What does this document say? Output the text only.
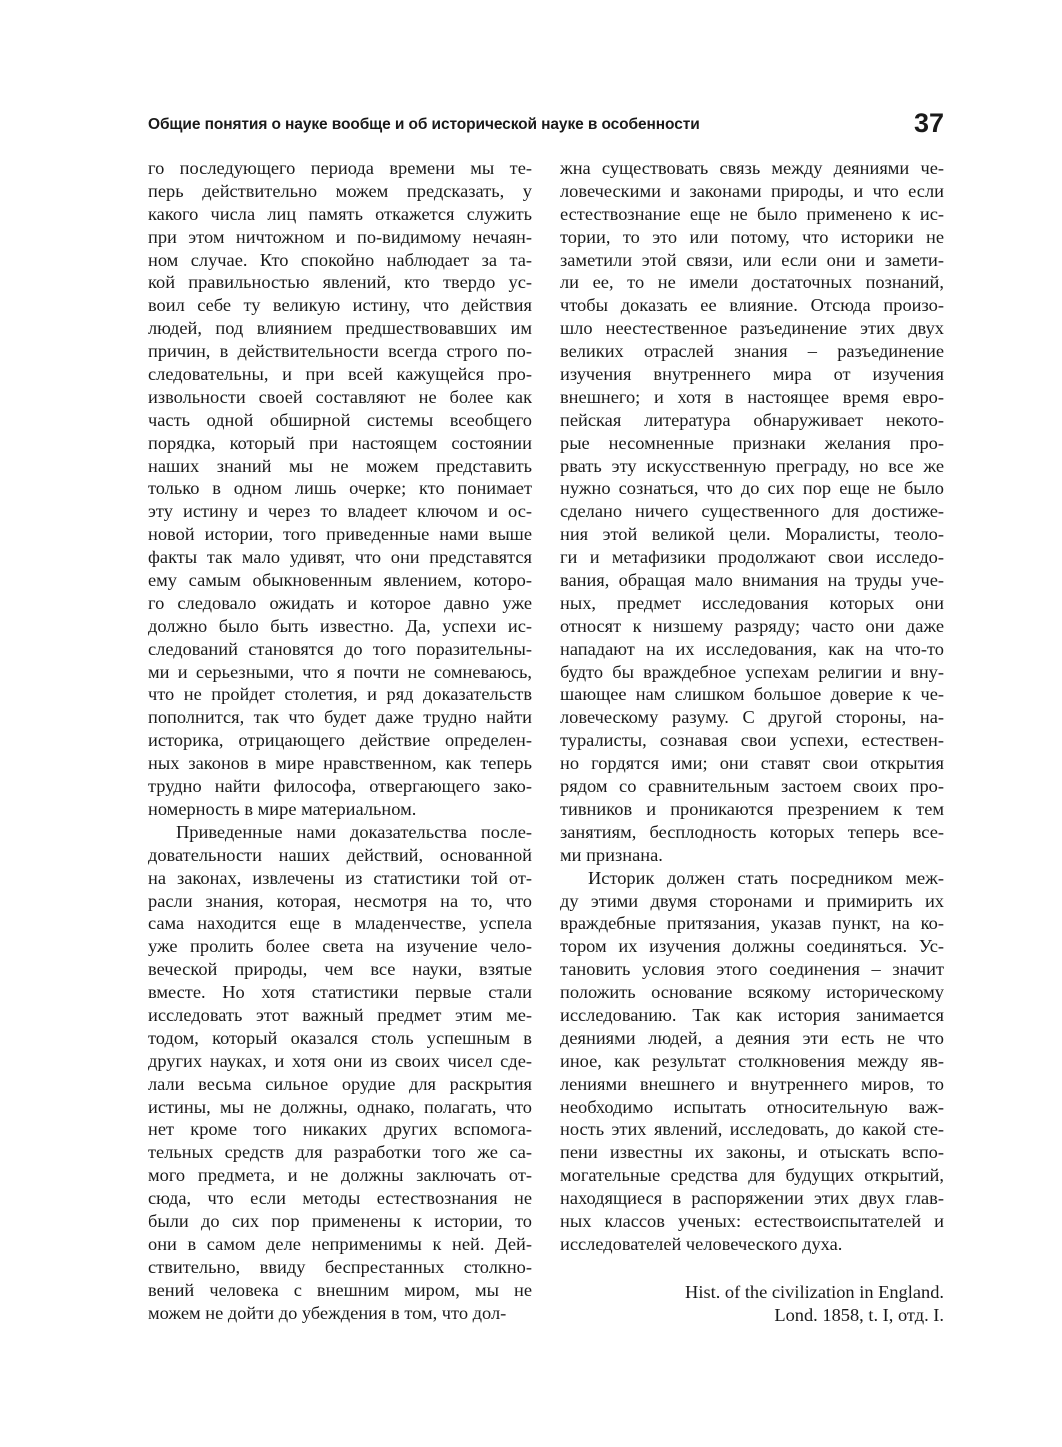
Общие понятия о науке вообще и об исторической науке в особенности	37
го последующего периода времени мы те-
перь действительно можем предсказать, у
какого числа лиц память откажется служить
при этом ничтожном и по-видимому нечаян-
ном случае. Кто спокойно наблюдает за та-
кой правильностью явлений, кто твердо ус-
воил себе ту великую истину, что действия
людей, под влиянием предшествовавших им
причин, в действительности всегда строго по-
следовательны, и при всей кажущейся про-
извольности своей составляют не более как
часть одной обширной системы всеобщего
порядка, который при настоящем состоянии
наших знаний мы не можем представить
только в одном лишь очерке; кто понимает
эту истину и через то владеет ключом и ос-
новой истории, того приведенные нами выше
факты так мало удивят, что они представятся
ему самым обыкновенным явлением, которо-
го следовало ожидать и которое давно уже
должно было быть известно. Да, успехи ис-
следований становятся до того поразительны-
ми и серьезными, что я почти не сомневаюсь,
что не пройдет столетия, и ряд доказательств
пополнится, так что будет даже трудно найти
историка, отрицающего действие определен-
ных законов в мире нравственном, как теперь
трудно найти философа, отвергающего зако-
номерность в мире материальном.
Приведенные нами доказательства после-
довательности наших действий, основанной
на законах, извлечены из статистики той от-
расли знания, которая, несмотря на то, что
сама находится еще в младенчестве, успела
уже пролить более света на изучение чело-
веческой природы, чем все науки, взятые
вместе. Но хотя статистики первые стали
исследовать этот важный предмет этим ме-
тодом, который оказался столь успешным в
других науках, и хотя они из своих чисел сде-
лали весьма сильное орудие для раскрытия
истины, мы не должны, однако, полагать, что
нет кроме того никаких других вспомога-
тельных средств для разработки того же са-
мого предмета, и не должны заключать от-
сюда, что если методы естествознания не
были до сих пор применены к истории, то
они в самом деле неприменимы к ней. Дей-
ствительно, ввиду беспрестанных столкно-
вений человека с внешним миром, мы не
можем не дойти до убеждения в том, что дол-
жна существовать связь между деяниями че-
ловеческими и законами природы, и что если
естествознание еще не было применено к ис-
тории, то это или потому, что историки не
заметили этой связи, или если они и замети-
ли ее, то не имели достаточных познаний,
чтобы доказать ее влияние. Отсюда произо-
шло неестественное разъединение этих двух
великих отраслей знания – разъединение
изучения внутреннего мира от изучения
внешнего; и хотя в настоящее время евро-
пейская литература обнаруживает некото-
рые несомненные признаки желания про-
рвать эту искусственную преграду, но все же
нужно сознаться, что до сих пор еще не было
сделано ничего существенного для достиже-
ния этой великой цели. Моралисты, теоло-
ги и метафизики продолжают свои исследо-
вания, обращая мало внимания на труды уче-
ных, предмет исследования которых они
относят к низшему разряду; часто они даже
нападают на их исследования, как на что-то
будто бы враждебное успехам религии и вну-
шающее нам слишком большое доверие к че-
ловеческому разуму. С другой стороны, на-
туралисты, сознавая свои успехи, естествен-
но гордятся ими; они ставят свои открытия
рядом со сравнительным застоем своих про-
тивников и проникаются презрением к тем
занятиям, бесплодность которых теперь все-
ми признана.
Историк должен стать посредником меж-
ду этими двумя сторонами и примирить их
враждебные притязания, указав пункт, на ко-
тором их изучения должны соединяться. Ус-
тановить условия этого соединения – значит
положить основание всякому историческому
исследованию. Так как история занимается
деяниями людей, а деяния эти есть не что
иное, как результат столкновения между яв-
лениями внешнего и внутреннего миров, то
необходимо испытать относительную важ-
ность этих явлений, исследовать, до какой сте-
пени известны их законы, и отыскать вспо-
могательные средства для будущих открытий,
находящиеся в распоряжении этих двух глав-
ных классов ученых: естествоиспытателей и
исследователей человеческого духа.
Hist. of the civilization in England.
Lond. 1858, t. I, отд. I.
